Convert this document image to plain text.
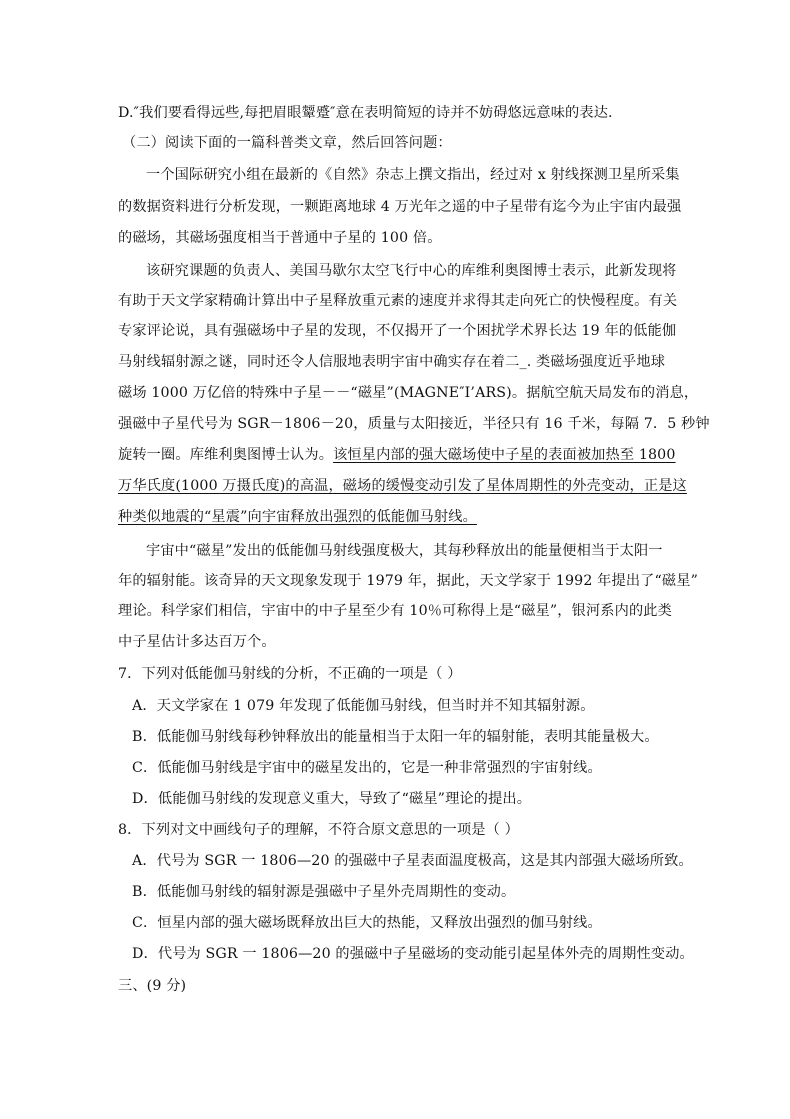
D.″我们要看得远些,每把眉眼颦蹙″意在表明简短的诗并不妨碍悠远意味的表达.
（二）阅读下面的一篇科普类文章，然后回答问题：
一个国际研究小组在最新的《自然》杂志上撰文指出，经过对 x 射线探测卫星所采集
的数据资料进行分析发现，一颗距离地球 4 万光年之遥的中子星带有迄今为止宇宙内最强
的磁场，其磁场强度相当于普通中子星的 100 倍。
该研究课题的负责人、美国马歇尔太空飞行中心的库维利奥图博士表示，此新发现将
有助于天文学家精确计算出中子星释放重元素的速度并求得其走向死亡的快慢程度。有关
专家评论说，具有强磁场中子星的发现，不仅揭开了一个困扰学术界长达 19 年的低能伽
马射线辐射源之谜，同时还令人信服地表明宇宙中确实存在着二_. 类磁场强度近乎地球
磁场 1000 万亿倍的特殊中子星－－“磁星”(MAGNE″I’ARS)。据航空航天局发布的消息，
强磁中子星代号为 SGR－1806－20，质量与太阳接近，半径只有 16 千米，每隔 7．5 秒钟
旋转一圈。库维利奥图博士认为。该恒星内部的强大磁场使中子星的表面被加热至 1800
万华氏度(1000 万摄氏度)的高温，磁场的缓慢变动引发了星体周期性的外壳变动，正是这
种类似地震的“星震”向宇宙释放出强烈的低能伽马射线。
宇宙中“磁星”发出的低能伽马射线强度极大，其每秒释放出的能量便相当于太阳一
年的辐射能。该奇异的天文现象发现于 1979 年，据此，天文学家于 1992 年提出了“磁星”
理论。科学家们相信，宇宙中的中子星至少有 10％可称得上是“磁星”，银河系内的此类
中子星估计多达百万个。
7．下列对低能伽马射线的分析，不正确的一项是（ ）
A．天文学家在 1 079 年发现了低能伽马射线，但当时并不知其辐射源。
B．低能伽马射线每秒钟释放出的能量相当于太阳一年的辐射能，表明其能量极大。
C．低能伽马射线是宇宙中的磁星发出的，它是一种非常强烈的宇宙射线。
D．低能伽马射线的发现意义重大，导致了“磁星”理论的提出。
8．下列对文中画线句子的理解，不符合原文意思的一项是（ ）
A．代号为 SGR 一 1806—20 的强磁中子星表面温度极高，这是其内部强大磁场所致。
B．低能伽马射线的辐射源是强磁中子星外壳周期性的变动。
C．恒星内部的强大磁场既释放出巨大的热能，又释放出强烈的伽马射线。
D．代号为 SGR 一 1806—20 的强磁中子星磁场的变动能引起星体外壳的周期性变动。
三、(9 分)
